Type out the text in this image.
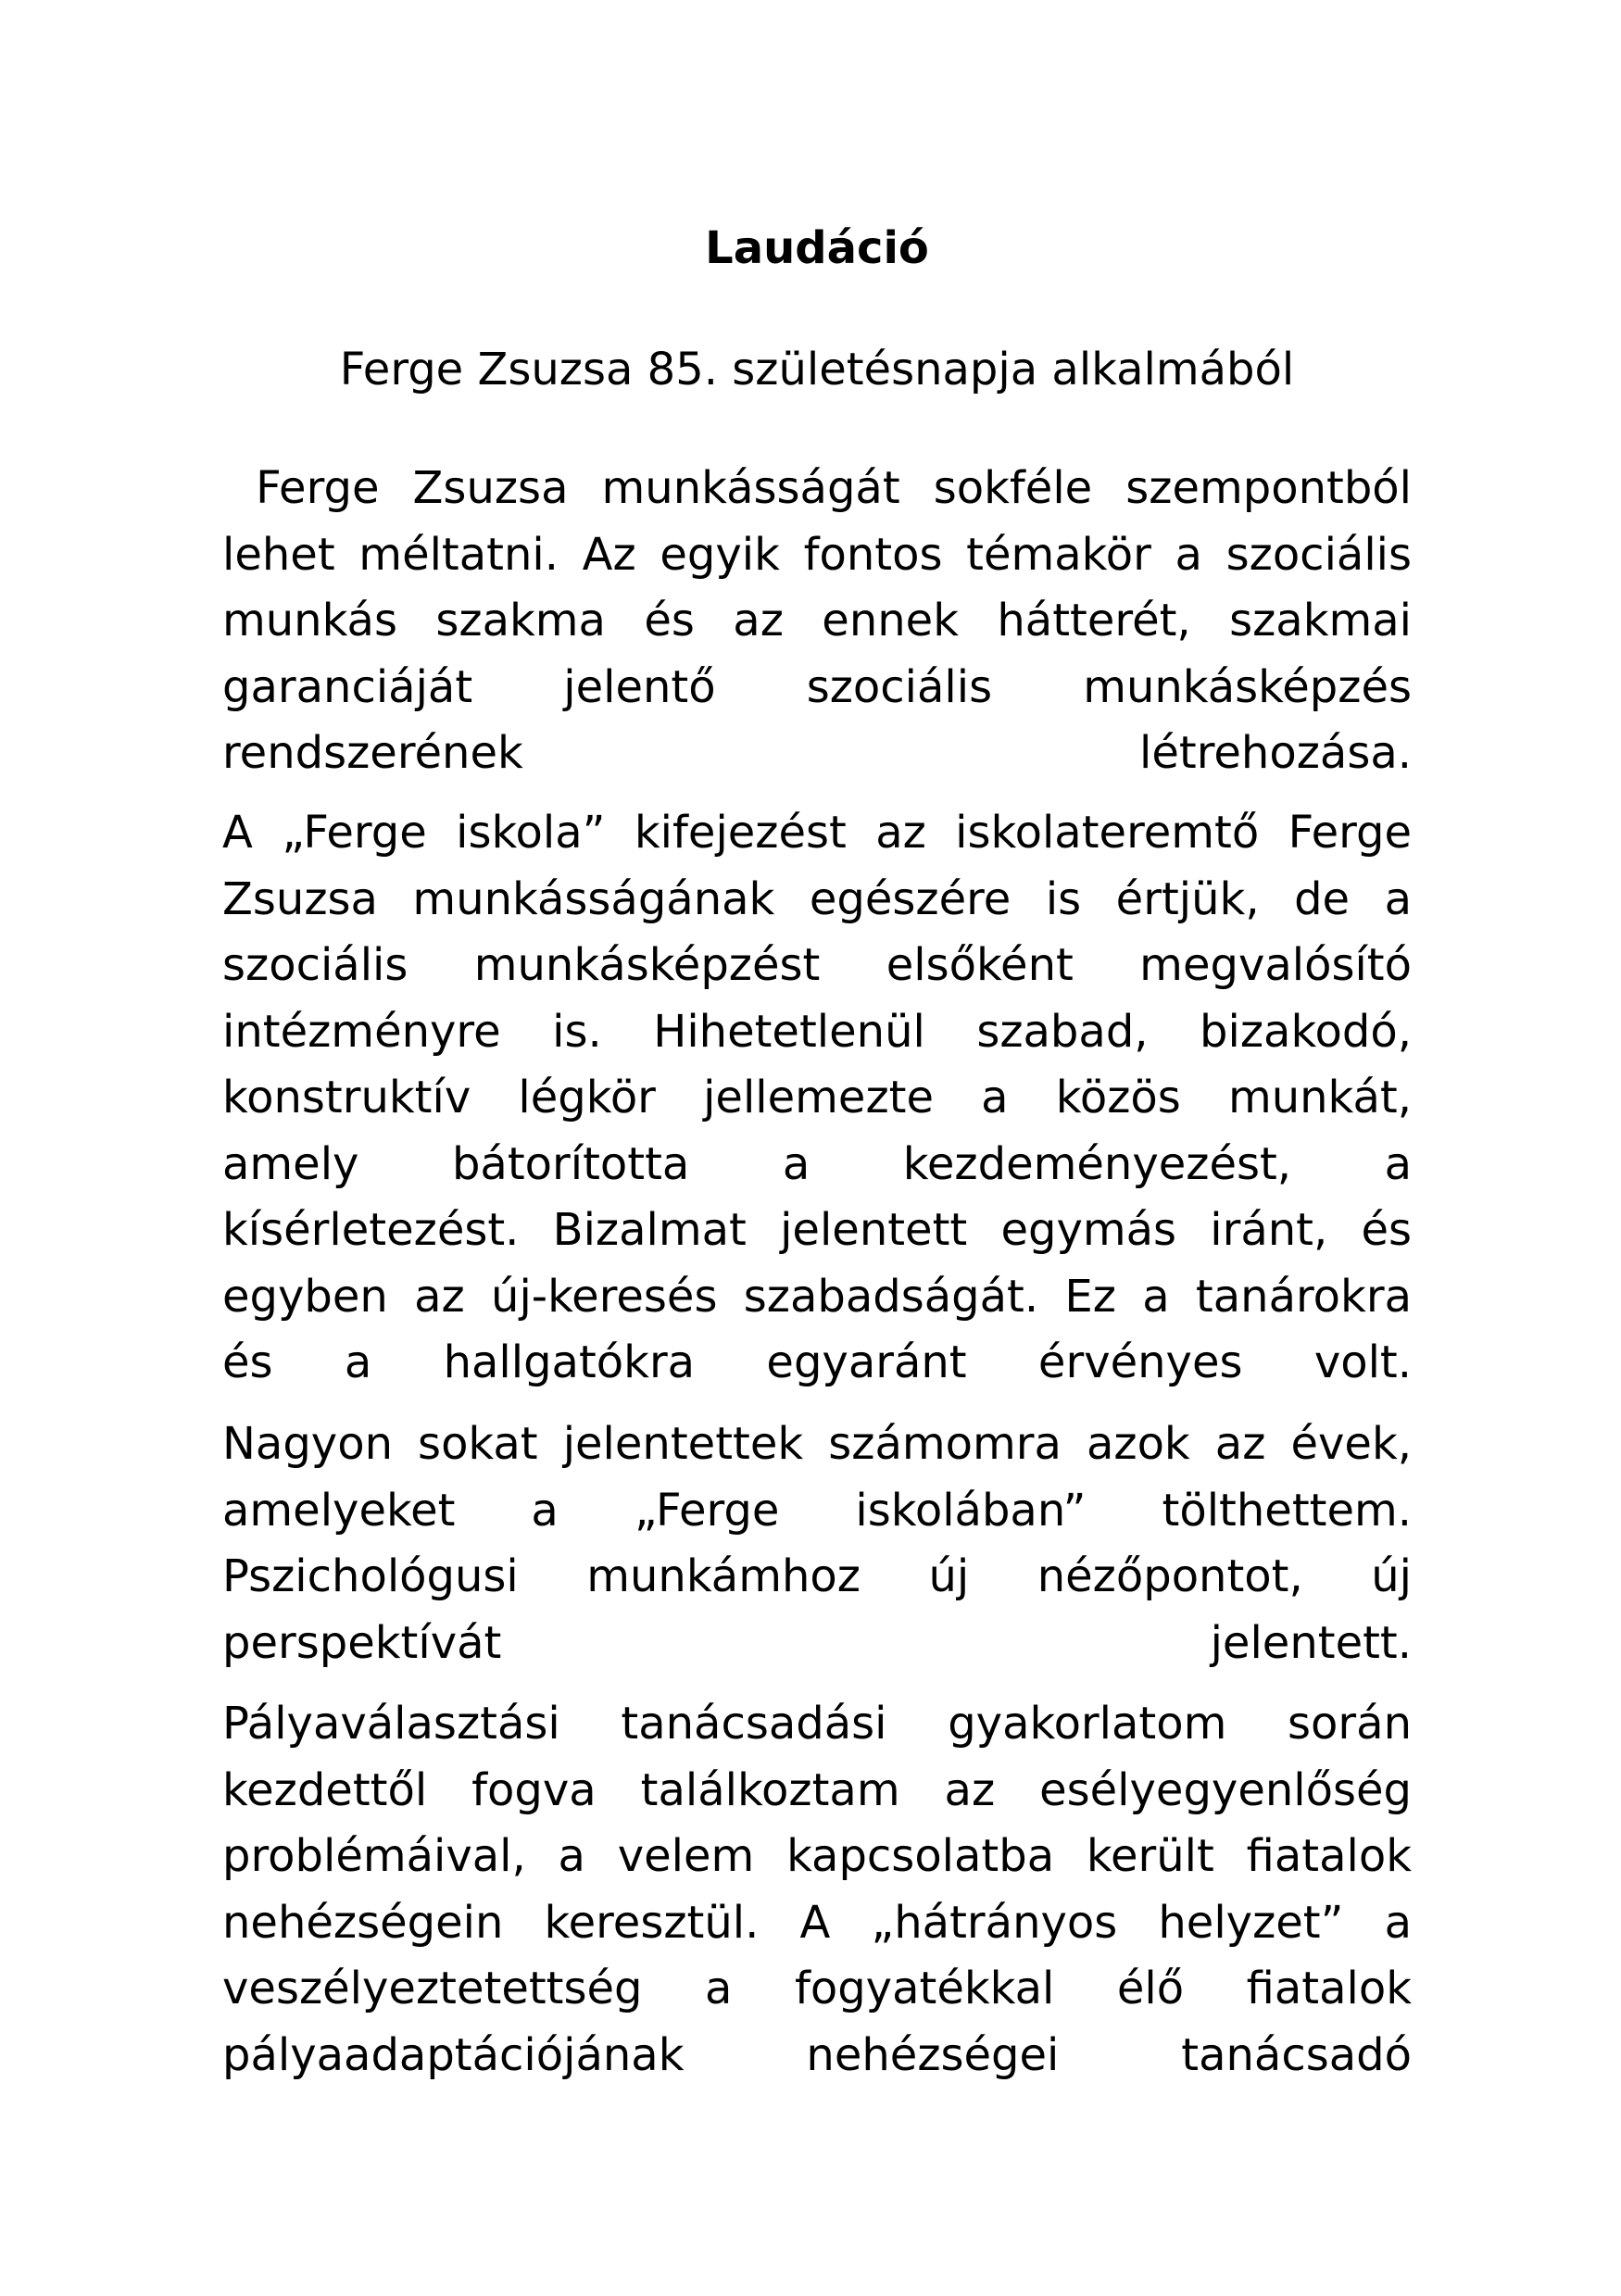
Laudáció

Ferge Zsuzsa 85. születésnapja alkalmából

Ferge Zsuzsa munkásságát sokféle szempontból
lehet méltatni. Az egyik fontos témakör a szociális
munkás szakma és az ennek hátterét, szakmai
garanciáját jelentő szociális munkásképzés
rendszerének létrehozása.
A „Ferge iskola” kifejezést az iskolateremtő Ferge
Zsuzsa munkásságának egészére is értjük, de a
szociális munkásképzést elsőként megvalósító
intézményre is. Hihetetlenül szabad, bizakodó,
konstruktív légkör jellemezte a közös munkát,
amely bátorította a kezdeményezést, a
kísérletezést. Bizalmat jelentett egymás iránt, és
egyben az új-keresés szabadságát. Ez a tanárokra
és a hallgatókra egyaránt érvényes volt.
Nagyon sokat jelentettek számomra azok az évek,
amelyeket a „Ferge iskolában” tölthettem.
Pszichológusi munkámhoz új nézőpontot, új
perspektívát jelentett.
Pályaválasztási tanácsadási gyakorlatom során
kezdettől fogva találkoztam az esélyegyenlőség
problémáival, a velem kapcsolatba került fiatalok
nehézségein keresztül. A „hátrányos helyzet” a
veszélyeztetettség a fogyatékkal élő fiatalok
pályaadaptációjának nehézségei tanácsadó
